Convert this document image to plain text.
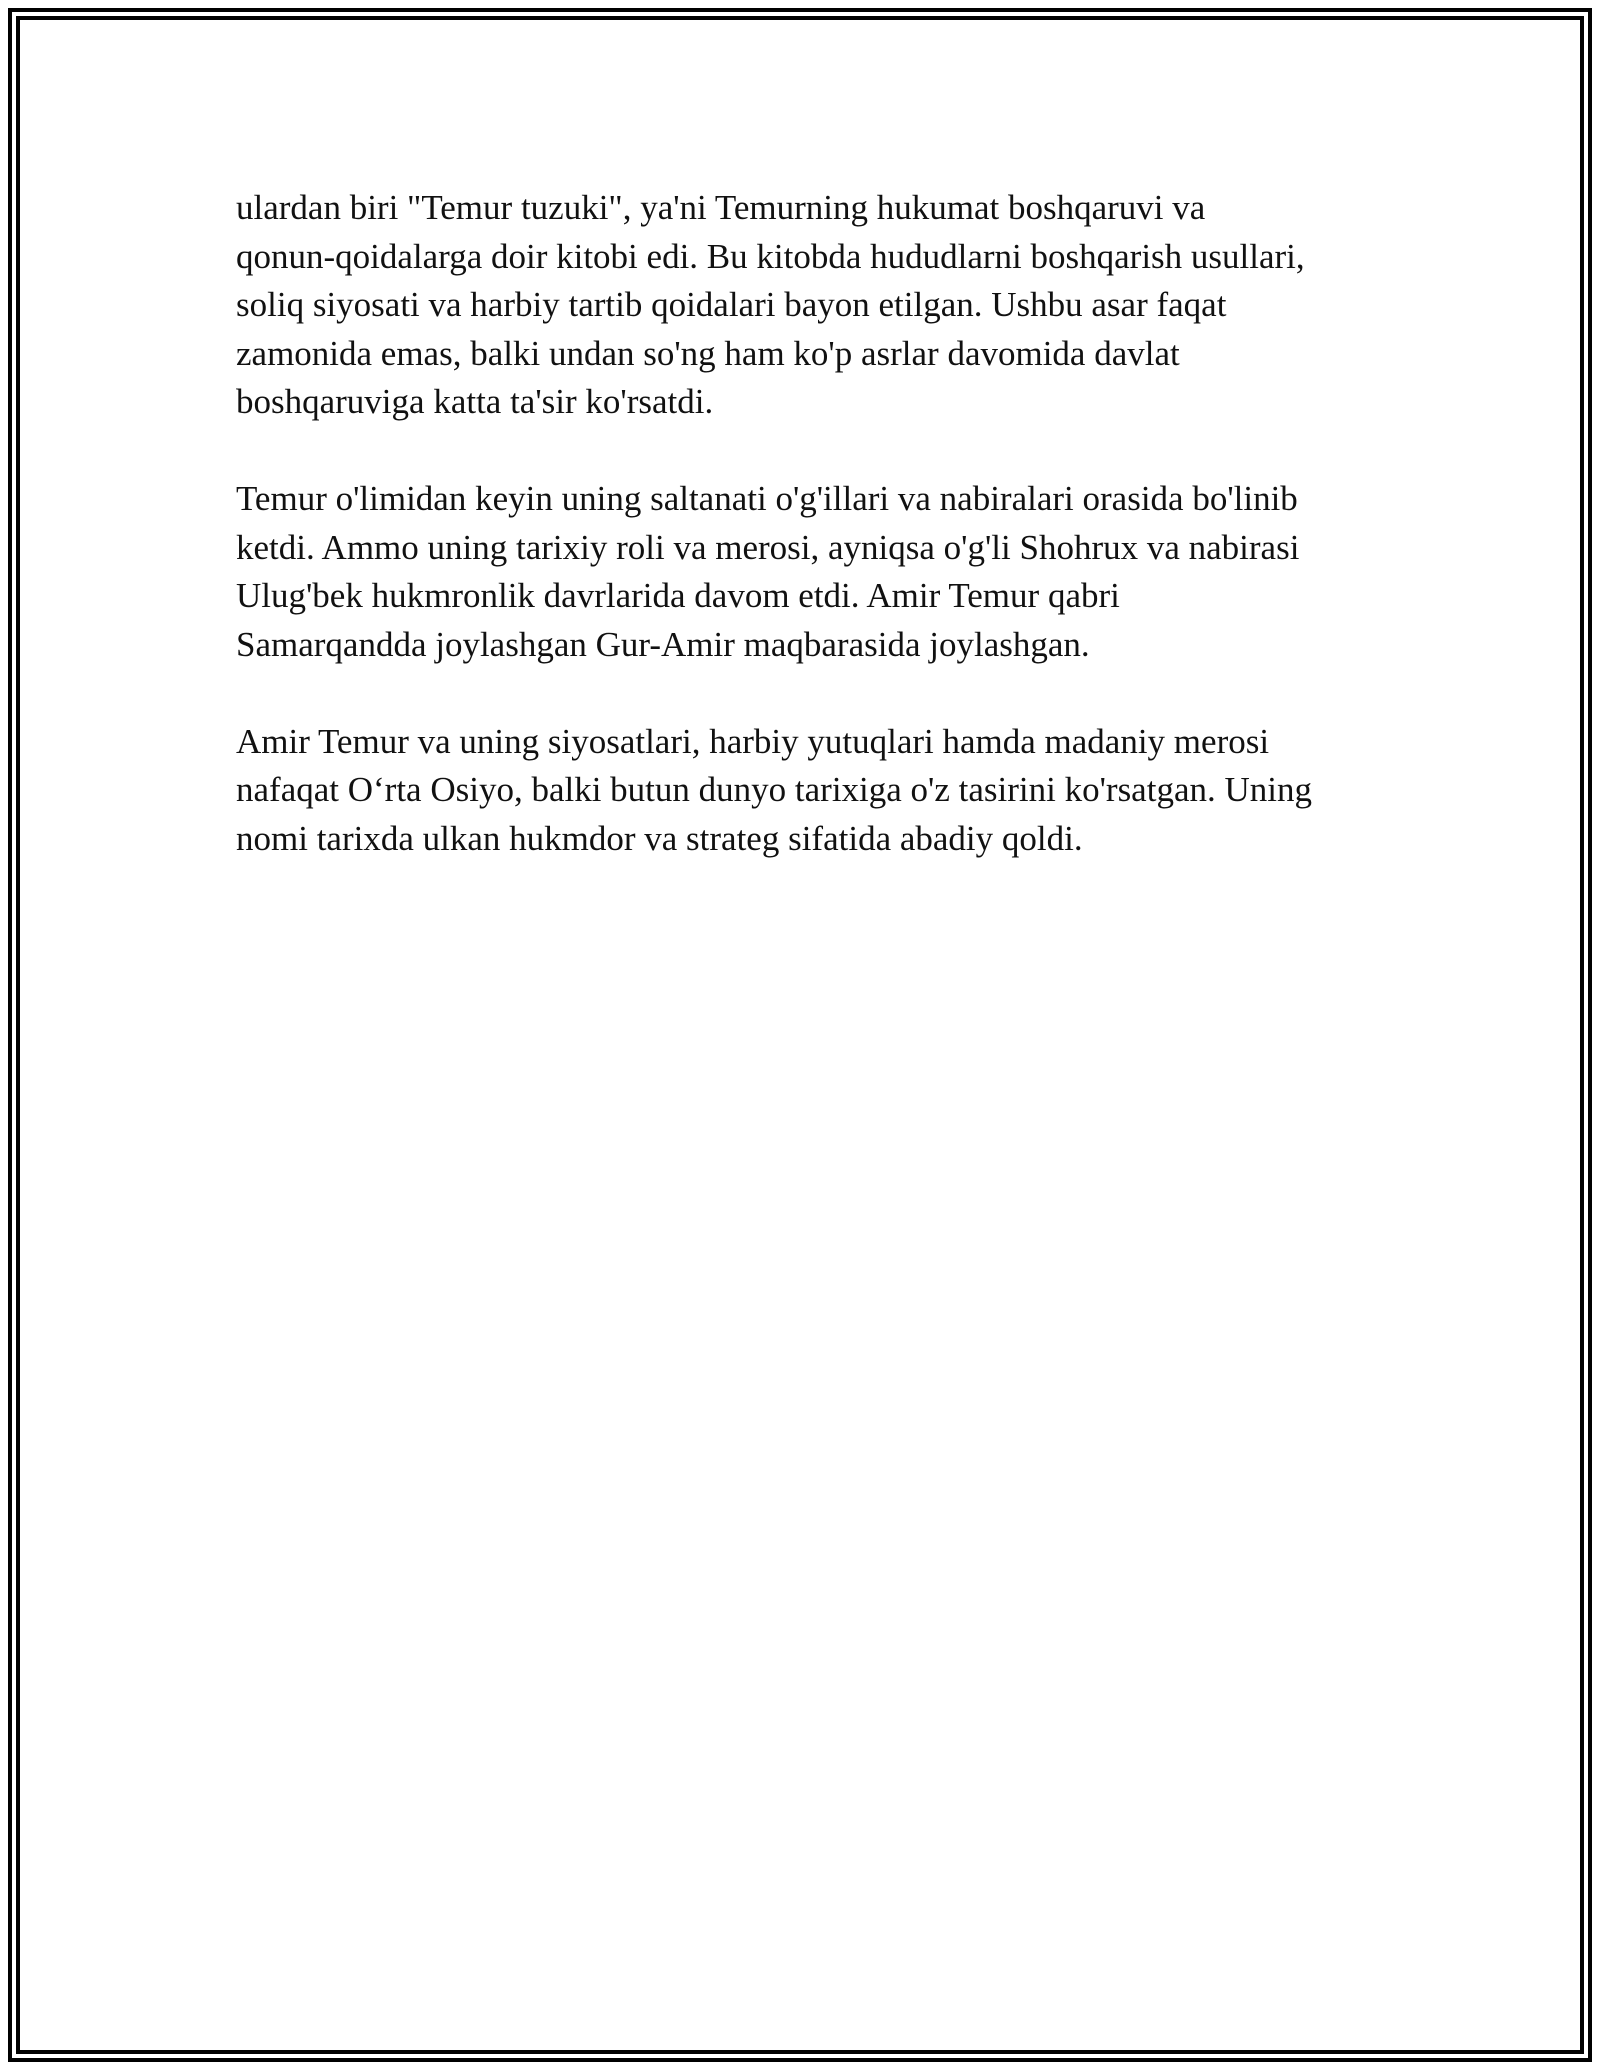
ulardan biri "Temur tuzuki", ya'ni Temurning hukumat boshqaruvi va
qonun-qoidalarga doir kitobi edi. Bu kitobda hududlarni boshqarish usullari,
soliq siyosati va harbiy tartib qoidalari bayon etilgan. Ushbu asar faqat
zamonida emas, balki undan so'ng ham ko'p asrlar davomida davlat
boshqaruviga katta ta'sir ko'rsatdi.

Temur o'limidan keyin uning saltanati o'g'illari va nabiralari orasida bo'linib
ketdi. Ammo uning tarixiy roli va merosi, ayniqsa o'g'li Shohrux va nabirasi
Ulug'bek hukmronlik davrlarida davom etdi. Amir Temur qabri
Samarqandda joylashgan Gur-Amir maqbarasida joylashgan.

Amir Temur va uning siyosatlari, harbiy yutuqlari hamda madaniy merosi
nafaqat Oʻrta Osiyo, balki butun dunyo tarixiga o'z tasirini ko'rsatgan. Uning
nomi tarixda ulkan hukmdor va strateg sifatida abadiy qoldi.
